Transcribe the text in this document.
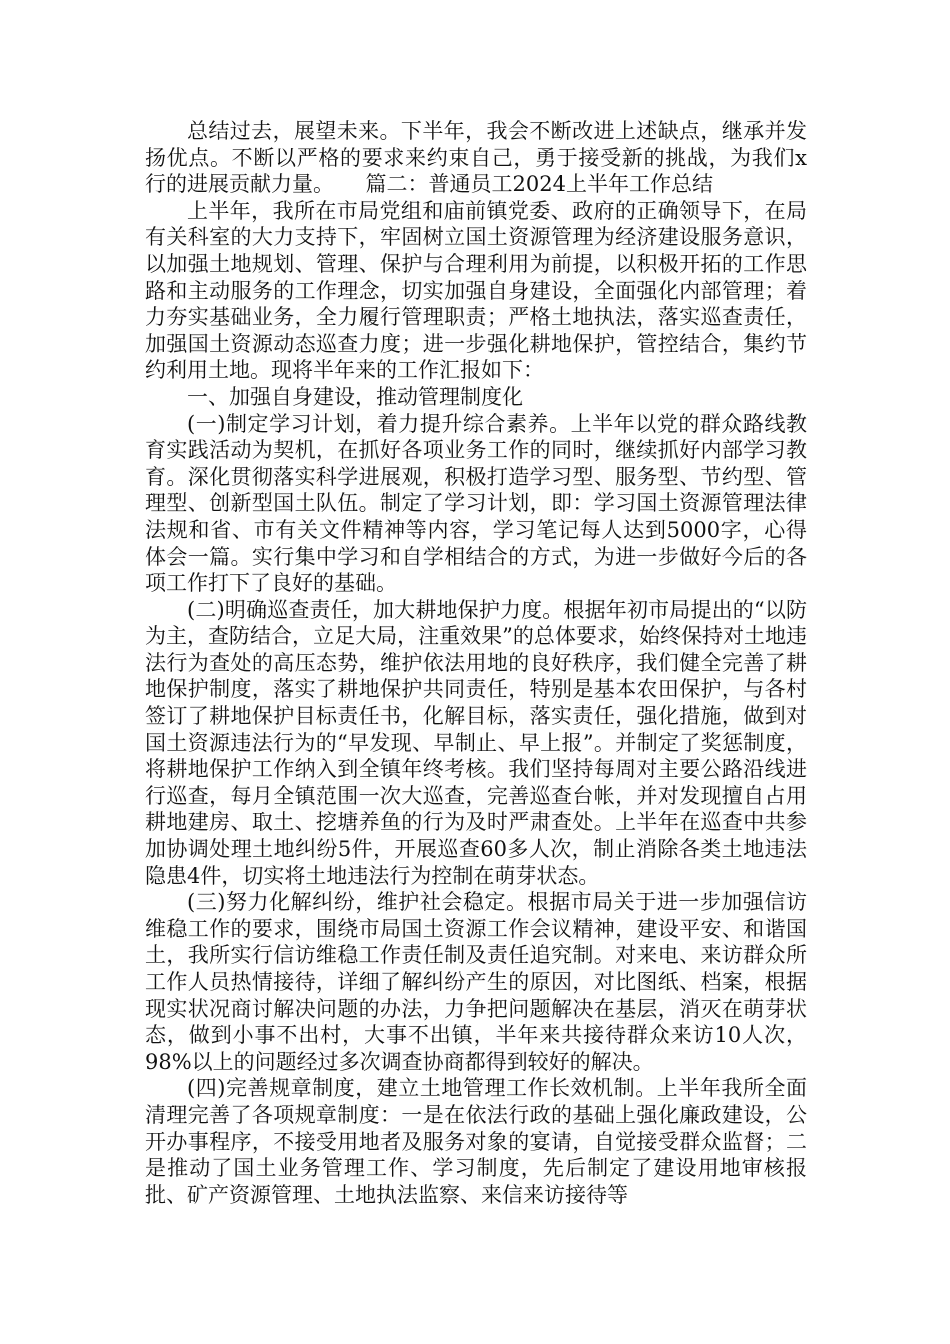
总结过去，展望未来。下半年，我会不断改进上述缺点，继承并发扬优点。不断以严格的要求来约束自己，勇于接受新的挑战，为我们x行的进展贡献力量。　　篇二：普通员工2024上半年工作总结

上半年，我所在市局党组和庙前镇党委、政府的正确领导下，在局有关科室的大力支持下，牢固树立国土资源管理为经济建设服务意识，以加强土地规划、管理、保护与合理利用为前提，以积极开拓的工作思路和主动服务的工作理念，切实加强自身建设，全面强化内部管理；着力夯实基础业务，全力履行管理职责；严格土地执法，落实巡查责任，加强国土资源动态巡查力度；进一步强化耕地保护，管控结合，集约节约利用土地。现将半年来的工作汇报如下：

一、加强自身建设，推动管理制度化

(一)制定学习计划，着力提升综合素养。上半年以党的群众路线教育实践活动为契机，在抓好各项业务工作的同时，继续抓好内部学习教育。深化贯彻落实科学进展观，积极打造学习型、服务型、节约型、管理型、创新型国土队伍。制定了学习计划，即：学习国土资源管理法律法规和省、市有关文件精神等内容，学习笔记每人达到5000字，心得体会一篇。实行集中学习和自学相结合的方式，为进一步做好今后的各项工作打下了良好的基础。

(二)明确巡查责任，加大耕地保护力度。根据年初市局提出的“以防为主，查防结合，立足大局，注重效果”的总体要求，始终保持对土地违法行为查处的高压态势，维护依法用地的良好秩序，我们健全完善了耕地保护制度，落实了耕地保护共同责任，特别是基本农田保护，与各村签订了耕地保护目标责任书，化解目标，落实责任，强化措施，做到对国土资源违法行为的“早发现、早制止、早上报”。并制定了奖惩制度，将耕地保护工作纳入到全镇年终考核。我们坚持每周对主要公路沿线进行巡查，每月全镇范围一次大巡查，完善巡查台帐，并对发现擅自占用耕地建房、取土、挖塘养鱼的行为及时严肃查处。上半年在巡查中共参加协调处理土地纠纷5件，开展巡查60多人次，制止消除各类土地违法隐患4件，切实将土地违法行为控制在萌芽状态。

(三)努力化解纠纷，维护社会稳定。根据市局关于进一步加强信访维稳工作的要求，围绕市局国土资源工作会议精神，建设平安、和谐国土，我所实行信访维稳工作责任制及责任追究制。对来电、来访群众所工作人员热情接待，详细了解纠纷产生的原因，对比图纸、档案，根据现实状况商讨解决问题的办法，力争把问题解决在基层，消灭在萌芽状态，做到小事不出村，大事不出镇，半年来共接待群众来访10人次，98%以上的问题经过多次调查协商都得到较好的解决。

(四)完善规章制度，建立土地管理工作长效机制。上半年我所全面清理完善了各项规章制度：一是在依法行政的基础上强化廉政建设，公开办事程序，不接受用地者及服务对象的宴请，自觉接受群众监督；二是推动了国土业务管理工作、学习制度，先后制定了建设用地审核报批、矿产资源管理、土地执法监察、来信来访接待等
